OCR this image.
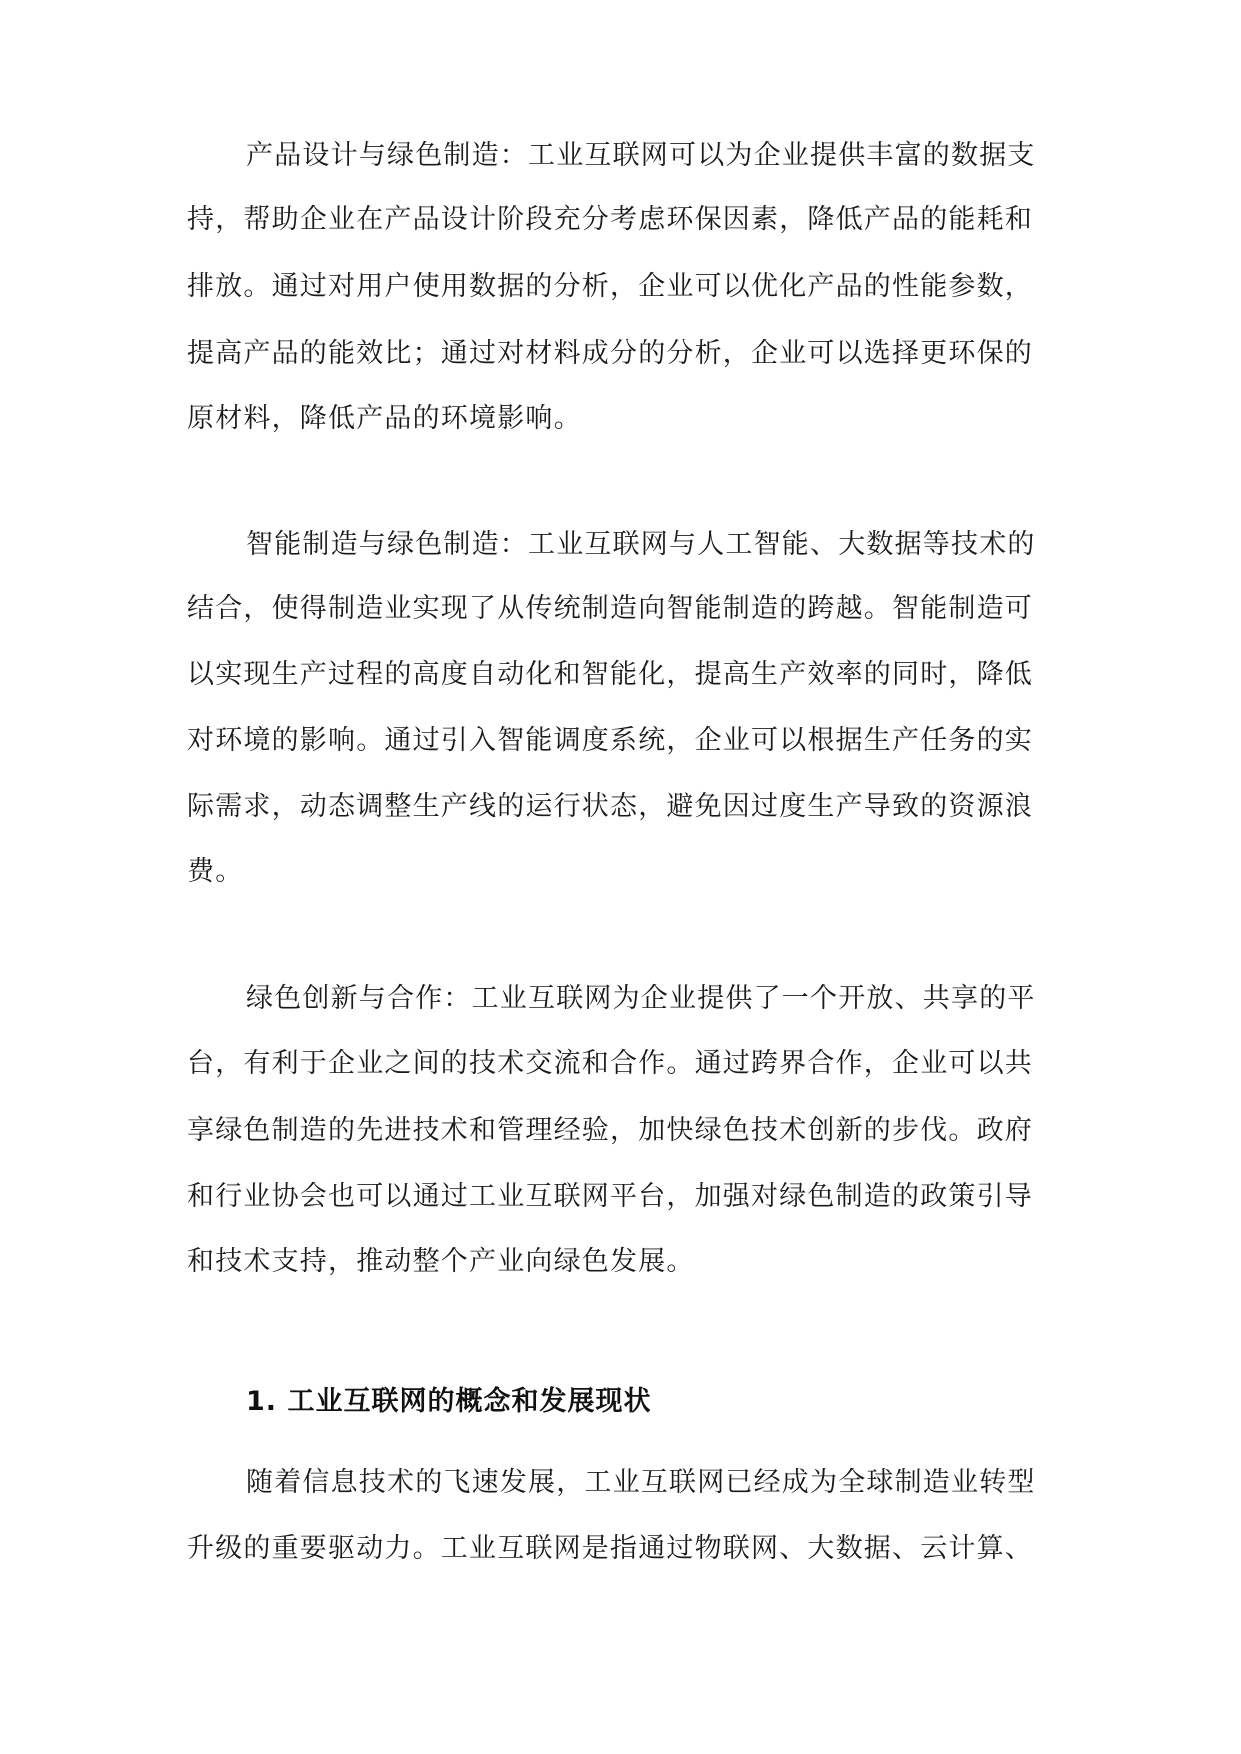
产品设计与绿色制造：工业互联网可以为企业提供丰富的数据支

持，帮助企业在产品设计阶段充分考虑环保因素，降低产品的能耗和

排放。通过对用户使用数据的分析，企业可以优化产品的性能参数，

提高产品的能效比；通过对材料成分的分析，企业可以选择更环保的

原材料，降低产品的环境影响。

智能制造与绿色制造：工业互联网与人工智能、大数据等技术的

结合，使得制造业实现了从传统制造向智能制造的跨越。智能制造可

以实现生产过程的高度自动化和智能化，提高生产效率的同时，降低

对环境的影响。通过引入智能调度系统，企业可以根据生产任务的实

际需求，动态调整生产线的运行状态，避免因过度生产导致的资源浪

费。

绿色创新与合作：工业互联网为企业提供了一个开放、共享的平

台，有利于企业之间的技术交流和合作。通过跨界合作，企业可以共

享绿色制造的先进技术和管理经验，加快绿色技术创新的步伐。政府

和行业协会也可以通过工业互联网平台，加强对绿色制造的政策引导

和技术支持，推动整个产业向绿色发展。

1. 工业互联网的概念和发展现状

随着信息技术的飞速发展，工业互联网已经成为全球制造业转型

升级的重要驱动力。工业互联网是指通过物联网、大数据、云计算、
